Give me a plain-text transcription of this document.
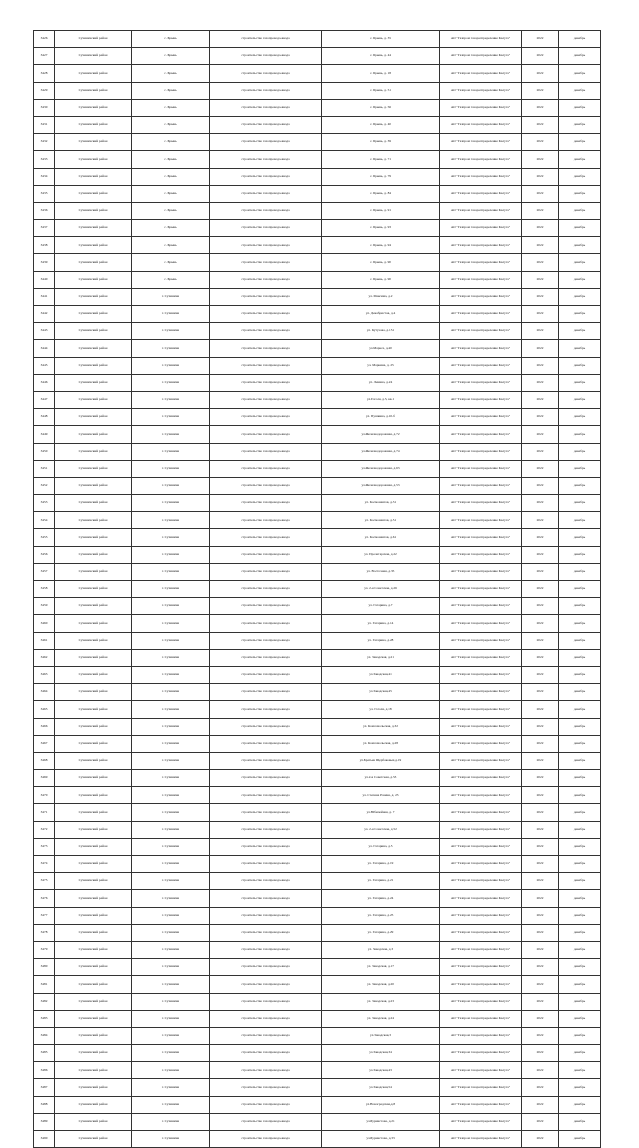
3426	Сухиничский район	с. Брынь	строительство газопровода-ввода	с. Брынь, д. 35	АО "Газпром газораспределение Калуга"	2022	декабрь
3427	Сухиничский район	с. Брынь	строительство газопровода-ввода	с. Брынь, д. 44	АО "Газпром газораспределение Калуга"	2022	декабрь
3428	Сухиничский район	с. Брынь	строительство газопровода-ввода	с. Брынь, д. 18	АО "Газпром газораспределение Калуга"	2022	декабрь
3429	Сухиничский район	с. Брынь	строительство газопровода-ввода	с. Брынь, д. 51	АО "Газпром газораспределение Калуга"	2022	декабрь
3430	Сухиничский район	с. Брынь	строительство газопровода-ввода	с. Брынь, д. 56	АО "Газпром газораспределение Калуга"	2022	декабрь
3431	Сухиничский район	с. Брынь	строительство газопровода-ввода	с. Брынь, д. 40	АО "Газпром газораспределение Калуга"	2022	декабрь
3432	Сухиничский район	с. Брынь	строительство газопровода-ввода	с. Брынь, д. 39	АО "Газпром газораспределение Калуга"	2022	декабрь
3433	Сухиничский район	с. Брынь	строительство газопровода-ввода	с. Брынь, д. 71	АО "Газпром газораспределение Калуга"	2022	декабрь
3434	Сухиничский район	с. Брынь	строительство газопровода-ввода	с. Брынь, д. 79	АО "Газпром газораспределение Калуга"	2022	декабрь
3435	Сухиничский район	с. Брынь	строительство газопровода-ввода	с. Брынь, д. 84	АО "Газпром газораспределение Калуга"	2022	декабрь
3436	Сухиничский район	с. Брынь	строительство газопровода-ввода	с. Брынь, д. 91	АО "Газпром газораспределение Калуга"	2022	декабрь
3437	Сухиничский район	с. Брынь	строительство газопровода-ввода	с. Брынь, д. 93	АО "Газпром газораспределение Калуга"	2022	декабрь
3438	Сухиничский район	с. Брынь	строительство газопровода-ввода	с. Брынь, д. 94	АО "Газпром газораспределение Калуга"	2022	декабрь
3439	Сухиничский район	с. Брынь	строительство газопровода-ввода	с. Брынь, д. 90	АО "Газпром газораспределение Калуга"	2022	декабрь
3440	Сухиничский район	с. Брынь	строительство газопровода-ввода	с. Брынь, д. 90	АО "Газпром газораспределение Калуга"	2022	декабрь
3441	Сухиничский район	г. Сухиничи	строительство газопровода-ввода	ул. Максима, д.2	АО "Газпром газораспределение Калуга"	2022	декабрь
3442	Сухиничский район	г. Сухиничи	строительство газопровода-ввода	ул. Декабристов, д.4	АО "Газпром газораспределение Калуга"	2022	декабрь
3443	Сухиничский район	г. Сухиничи	строительство газопровода-ввода	ул. Кутузова, д.151	АО "Газпром газораспределение Калуга"	2022	декабрь
3444	Сухиничский район	г. Сухиничи	строительство газопровода-ввода	ул.Маркса, д.40	АО "Газпром газораспределение Калуга"	2022	декабрь
3445	Сухиничский район	г. Сухиничи	строительство газопровода-ввода	ул. Маркина, д. 25	АО "Газпром газораспределение Калуга"	2022	декабрь
3446	Сухиничский район	г. Сухиничи	строительство газопровода-ввода	ул. Ленина, д.24	АО "Газпром газораспределение Калуга"	2022	декабрь
3447	Сухиничский район	г. Сухиничи	строительство газопровода-ввода	ул.Гоголя, д.5, кв.1	АО "Газпром газораспределение Калуга"	2022	декабрь
3448	Сухиничский район	г. Сухиничи	строительство газопровода-ввода	ул. Пушкина, д.10-б	АО "Газпром газораспределение Калуга"	2022	декабрь
3449	Сухиничский район	г. Сухиничи	строительство газопровода-ввода	ул.Железнодорожная, д.72	АО "Газпром газораспределение Калуга"	2022	декабрь
3450	Сухиничский район	г. Сухиничи	строительство газопровода-ввода	ул.Железнодорожная, д.74	АО "Газпром газораспределение Калуга"	2022	декабрь
3451	Сухиничский район	г. Сухиничи	строительство газопровода-ввода	ул.Железнодорожная, д.63	АО "Газпром газораспределение Калуга"	2022	декабрь
3452	Сухиничский район	г. Сухиничи	строительство газопровода-ввода	ул.Железнодорожная, д.53	АО "Газпром газораспределение Калуга"	2022	декабрь
3453	Сухиничский район	г. Сухиничи	строительство газопровода-ввода	ул. Космонавтов, д.31	АО "Газпром газораспределение Калуга"	2022	декабрь
3454	Сухиничский район	г. Сухиничи	строительство газопровода-ввода	ул. Космонавтов, д.51	АО "Газпром газораспределение Калуга"	2022	декабрь
3455	Сухиничский район	г. Сухиничи	строительство газопровода-ввода	ул. Космонавтов, д.61	АО "Газпром газораспределение Калуга"	2022	декабрь
3456	Сухиничский район	г. Сухиничи	строительство газопровода-ввода	ул. Пролетарская, д.22	АО "Газпром газораспределение Калуга"	2022	декабрь
3457	Сухиничский район	г. Сухиничи	строительство газопровода-ввода	ул. Восточная, д.35	АО "Газпром газораспределение Калуга"	2022	декабрь
3458	Сухиничский район	г. Сухиничи	строительство газопровода-ввода	ул. 2-я Советская, д.26	АО "Газпром газораспределение Калуга"	2022	декабрь
3459	Сухиничский район	г. Сухиничи	строительство газопровода-ввода	ул. Гагарина, д.7	АО "Газпром газораспределение Калуга"	2022	декабрь
3460	Сухиничский район	г. Сухиничи	строительство газопровода-ввода	ул. Гагарина, д.14	АО "Газпром газораспределение Калуга"	2022	декабрь
3461	Сухиничский район	г. Сухиничи	строительство газопровода-ввода	ул. Гагарина, д.28	АО "Газпром газораспределение Калуга"	2022	декабрь
3462	Сухиничский район	г. Сухиничи	строительство газопровода-ввода	ул. Заводская, д.21	АО "Газпром газораспределение Калуга"	2022	декабрь
3463	Сухиничский район	г. Сухиничи	строительство газопровода-ввода	ул.Заводская,41	АО "Газпром газораспределение Калуга"	2022	декабрь
3464	Сухиничский район	г. Сухиничи	строительство газопровода-ввода	ул.Заводская,45	АО "Газпром газораспределение Калуга"	2022	декабрь
3465	Сухиничский район	г. Сухиничи	строительство газопровода-ввода	ул. Гоголя, д.18	АО "Газпром газораспределение Калуга"	2022	декабрь
3466	Сухиничский район	г. Сухиничи	строительство газопровода-ввода	ул. Комсомольская, д.32	АО "Газпром газораспределение Калуга"	2022	декабрь
3467	Сухиничский район	г. Сухиничи	строительство газопровода-ввода	ул. Комсомольская, д.28	АО "Газпром газораспределение Калуга"	2022	декабрь
3468	Сухиничский район	г. Сухиничи	строительство газопровода-ввода	ул.Братьев Щербаковых,д.19	АО "Газпром газораспределение Калуга"	2022	декабрь
3469	Сухиничский район	г. Сухиничи	строительство газопровода-ввода	ул.2-я Советская, д.53	АО "Газпром газораспределение Калуга"	2022	декабрь
3470	Сухиничский район	г. Сухиничи	строительство газопровода-ввода	ул. Степана Разина, д. 23	АО "Газпром газораспределение Калуга"	2022	декабрь
3471	Сухиничский район	г. Сухиничи	строительство газопровода-ввода	ул.Юбилейная, д. 7	АО "Газпром газораспределение Калуга"	2022	декабрь
3472	Сухиничский район	г. Сухиничи	строительство газопровода-ввода	ул. 2-я Советская, д.52	АО "Газпром газораспределение Калуга"	2022	декабрь
3473	Сухиничский район	г. Сухиничи	строительство газопровода-ввода	ул. Гагарина, д.5	АО "Газпром газораспределение Калуга"	2022	декабрь
3474	Сухиничский район	г. Сухиничи	строительство газопровода-ввода	ул. Гагарина, д.19	АО "Газпром газораспределение Калуга"	2022	декабрь
3475	Сухиничский район	г. Сухиничи	строительство газопровода-ввода	ул. Гагарина, д.21	АО "Газпром газораспределение Калуга"	2022	декабрь
3476	Сухиничский район	г. Сухиничи	строительство газопровода-ввода	ул. Гагарина, д.24	АО "Газпром газораспределение Калуга"	2022	декабрь
3477	Сухиничский район	г. Сухиничи	строительство газопровода-ввода	ул. Гагарина, д.25	АО "Газпром газораспределение Калуга"	2022	декабрь
3478	Сухиничский район	г. Сухиничи	строительство газопровода-ввода	ул. Гагарина, д.29	АО "Газпром газораспределение Калуга"	2022	декабрь
3479	Сухиничский район	г. Сухиничи	строительство газопровода-ввода	ул. Заводская, д.3	АО "Газпром газораспределение Калуга"	2022	декабрь
3480	Сухиничский район	г. Сухиничи	строительство газопровода-ввода	ул. Заводская, д.17	АО "Газпром газораспределение Калуга"	2022	декабрь
3481	Сухиничский район	г. Сухиничи	строительство газопровода-ввода	ул. Заводская, д.20	АО "Газпром газораспределение Калуга"	2022	декабрь
3482	Сухиничский район	г. Сухиничи	строительство газопровода-ввода	ул. Заводская, д.23	АО "Газпром газораспределение Калуга"	2022	декабрь
3483	Сухиничский район	г. Сухиничи	строительство газопровода-ввода	ул. Заводская, д.24	АО "Газпром газораспределение Калуга"	2022	декабрь
3484	Сухиничский район	г. Сухиничи	строительство газопровода-ввода	ул.Заводская,3	АО "Газпром газораспределение Калуга"	2022	декабрь
3485	Сухиничский район	г. Сухиничи	строительство газопровода-ввода	ул.Заводская,34	АО "Газпром газораспределение Калуга"	2022	декабрь
3486	Сухиничский район	г. Сухиничи	строительство газопровода-ввода	ул.Заводская,43	АО "Газпром газораспределение Калуга"	2022	декабрь
3487	Сухиничский район	г. Сухиничи	строительство газопровода-ввода	ул.Заводская,54	АО "Газпром газораспределение Калуга"	2022	декабрь
3488	Сухиничский район	г. Сухиничи	строительство газопровода-ввода	ул.Новоградская,д.8	АО "Газпром газораспределение Калуга"	2022	декабрь
3489	Сухиничский район	г. Сухиничи	строительство газопровода-ввода	ул.Бурнистова, д.21	АО "Газпром газораспределение Калуга"	2022	декабрь
3490	Сухиничский район	г. Сухиничи	строительство газопровода-ввода	ул.Бурнистова, д.33	АО "Газпром газораспределение Калуга"	2022	декабрь
